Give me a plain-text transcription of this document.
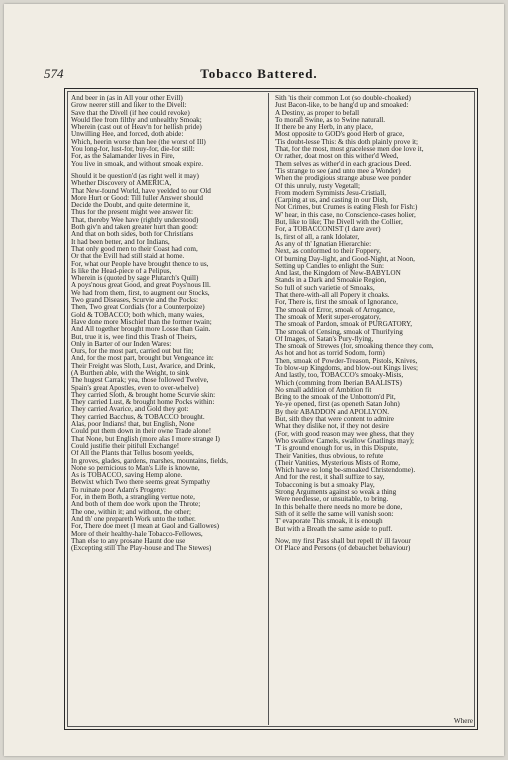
574	Tobacco Battered.
And beer in (as in All your other Evill)
Grow neerer still and liker to the Divell:
Save that the Divell (if hee could revoke)
Would flee from filthy and unhealthy Smoak;
Wherein (cast out of Heav'n for hellish pride)
Unwilling Hee, and forced, doth abide:
Which, heerin worse than hee (the worst of Ill)
You long-for, lust-for, buy-for, die-for still:
For, as the Salamander lives in Fire,
You live in smoak, and without smoak expire.
Should it be question'd (as right well it may)
Whether Discovery of AMERICA,
That New-found World, have yeelded to our Old
More Hurt or Good: Till fuller Answer should
Decide the Doubt, and quite determine it,
Thus for the present might wee answer fit:
That, thereby Wee have (rightly understood)
Both giv'n and taken greater hurt than good:
And that on both sides, both for Christians
It had been better, and for Indians,
That only good men to their Coast had com,
Or that the Evill had still staid at home.
For, what our People have brought thence to us,
Is like the Head-piece of a Pelipus,
Wherein is (quoted by sage Plutarch's Quill)
A poys'nous great Good, and great Poys'nous Ill.
We had from them, first, to augment our Stocks,
Two grand Diseases, Scurvie and the Pocks:
Then, Two great Cordials (for a Counterpoize)
Gold & TOBACCO; both which, many waies,
Have done more Mischief than the former twain;
And All together brought more Losse than Gain.
But, true it is, wee find this Trash of Theirs,
Only in Barter of our Inden Wares:
Ours, for the most part, carried out but fin;
And, for the most part, brought but Vengeance in:
Their Freight was Sloth, Lust, Avarice, and Drink,
(A Burthen able, with the Weight, to sink
The hugest Carrak; yea, those followed Twelve,
Spain's great Apostles, even to over-whelve)
They carried Sloth, & brought home Scurvie skin:
They carried Lust, & brought home Pocks within:
They carried Avarice, and Gold they got:
They carried Bacchus, & TOBACCO brought.
Alas, poor Indians! that, but English, None
Could put them down in their owne Trade alone!
That None, but English (more alas I more strange I)
Could justifie their pitifull Exchange!
Of All the Plants that Tellus bosom yeelds,
In groves, glades, gardens, marshes, mountains, fields,
None so pernicious to Man's Life is knowne,
As is TOBACCO, saving Hemp alone.
Betwixt which Two there seems great Sympathy
To ruinate poor Adam's Progeny:
For, in them Both, a strangling vertue note,
And both of them doe work upon the Throte;
The one, within it; and without, the other;
And th' one prepareth Work unto the tother.
For, There doe meet (I mean at Gaol and Gallowes)
More of their healthy-hale Tobacco-Fellowes,
Than else to any prosane Haunt doe use
(Excepting still The Play-house and The Stewes)
Sith 'tis their common Lot (so double-choaked)
Just Bacon-like, to be hang'd up and smoaked:
A Destiny, as proper to befall
To morall Swine, as to Swine naturall.
If there be any Herb, in any place,
Most opposite to GOD's good Herb of grace,
'Tis doubt-lesse This: & this doth plainly prove it;
That, for the most, most gracelesse men doe love it,
Or rather, doat most on this wither'd Weed,
Them selves as wither'd in each gracious Deed.
'Tis strange to see (and unto mee a Wonder)
When the prodigious strange abuse wee ponder
Of this unruly, rusty Vegetall;
From modern Symmists Jesu-Cristiall,
(Carping at us, and casting in our Dish,
Not Crimes, but Crumes is eating Flesh for Fish:)
W' hear, in this case, no Conscience-cases holier,
But, like to like; The Divell with the Collier,
For, a TOBACCONIST (I dare aver)
Is, first of all, a rank Idolater,
As any of th' Ignatian Hierarchie:
Next, as conformed to their Foppery,
Of burning Day-light, and Good-Night, at Noon,
Setting up Candles to enlight the Sun:
And last, the Kingdom of New-BABYLON
Stands in a Dark and Smoakie Region,
So full of such varietie of Smoaks,
That there-with-all all Popery it choaks.
For, There is, first the smoak of Ignorance,
The smoak of Error, smoak of Arrogance,
The smoak of Merit super-erogatory,
The smoak of Pardon, smoak of PURGATORY,
The smoak of Censing, smoak of Thurifying
Of Images, of Satan's Pury-flying,
The smoak of Strewes (for, smoaking thence they com,
As hot and hot as torrid Sodom, form)
Then, smoak of Powder-Treason, Pistols, Knives,
To blow-up Kingdoms, and blow-out Kings lives;
And lastly, too, TOBACCO's smoaky-Mists,
Which (comming from Iberian BAALISTS)
No small addition of Ambition fit
Bring to the smoak of the Unbottom'd Pit,
Ye-ye opened, first (as openeth Satan John)
By their ABADDON and APOLLYON.
But, sith they that were content to admire
What they dislike not, if they not desire
(For, with good reason may wee ghess, that they
Who swallow Camels, swallow Gnatlings may);
'T is ground enough for us, in this Dispute,
Their Vanities, thus obvious, to refute
(Their Vanities, Mysterious Mists of Rome,
Which have so long be-smoaked Christendome).
And for the rest, it shall suffize to say,
Tobacconing is but a smoaky Play,
Strong Arguments against so weak a thing
Were needlesse, or unsuitable, to bring.
In this behalfe there needs no more be done,
Sith of it selfe the same will vanish soon:
T' evaporate This smoak, it is enough
But with a Breath the same aside to puff.
Now, my first Pass shall but repell th' ill favour
Of Place and Persons (of debauchet behaviour)
Where
